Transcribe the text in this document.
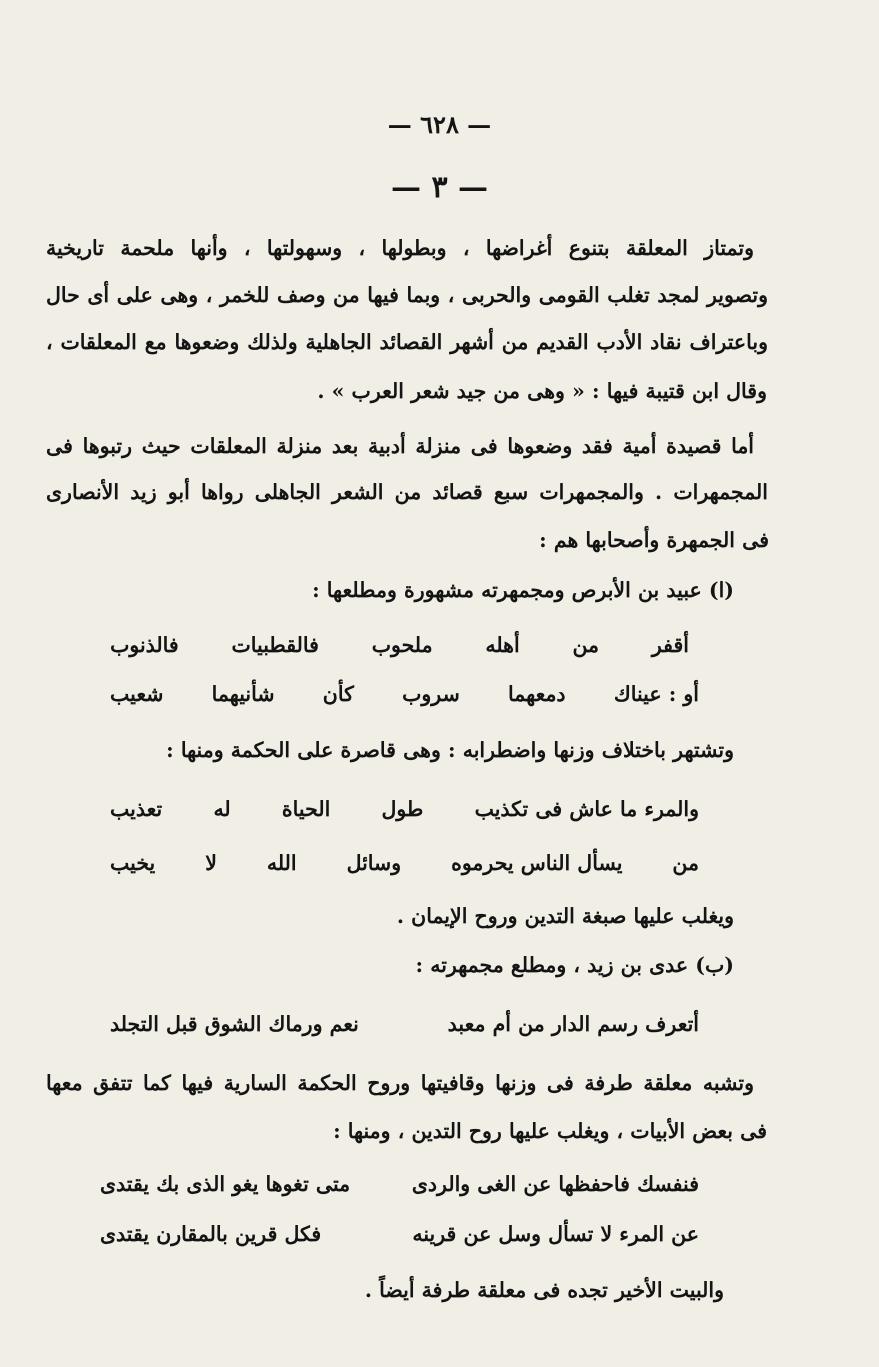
— ٦٢٨ —
— ٣ —
وتمتاز المعلقة بتنوع أغراضها ، وبطولها ، وسهولتها ، وأنها ملحمة تاريخية
وتصوير لمجد تغلب القومى والحربى ، وبما فيها من وصف للخمر ، وهى على أى حال
وباعتراف نقاد الأدب القديم من أشهر القصائد الجاهلية ولذلك وضعوها مع المعلقات ،
وقال ابن قتيبة فيها : « وهى من جيد شعر العرب » .
أما قصيدة أمية فقد وضعوها فى منزلة أدبية بعد منزلة المعلقات حيث رتبوها فى
المجمهرات . والمجمهرات سبع قصائد من الشعر الجاهلى رواها أبو زيد الأنصارى
فى الجمهرة وأصحابها هم :
(ا) عبيد بن الأبرص ومجمهرته مشهورة ومطلعها :
أقفر
من
أهله
ملحوب
فالقطبيات
فالذنوب
أو : عيناك
دمعهما
سروب
كأن
شأنيهما
شعيب
وتشتهر باختلاف وزنها واضطرابه : وهى قاصرة على الحكمة ومنها :
والمرء ما عاش فى تكذيب
طول
الحياة
له
تعذيب
من
يسأل الناس يحرموه
وسائل
الله
لا
يخيب
ويغلب عليها صبغة التدين وروح الإيمان .
(ب) عدى بن زيد ، ومطلع مجمهرته :
أتعرف رسم الدار من أم معبد
نعم ورماك الشوق قبل التجلد
وتشبه معلقة طرفة فى وزنها وقافيتها وروح الحكمة السارية فيها كما تتفق معها
فى بعض الأبيات ، ويغلب عليها روح التدين ، ومنها :
فنفسك فاحفظها عن الغى والردى
متى تغوها يغو الذى بك يقتدى
عن المرء لا تسأل وسل عن قرينه
فكل قرين بالمقارن يقتدى
والبيت الأخير تجده فى معلقة طرفة أيضاً .
